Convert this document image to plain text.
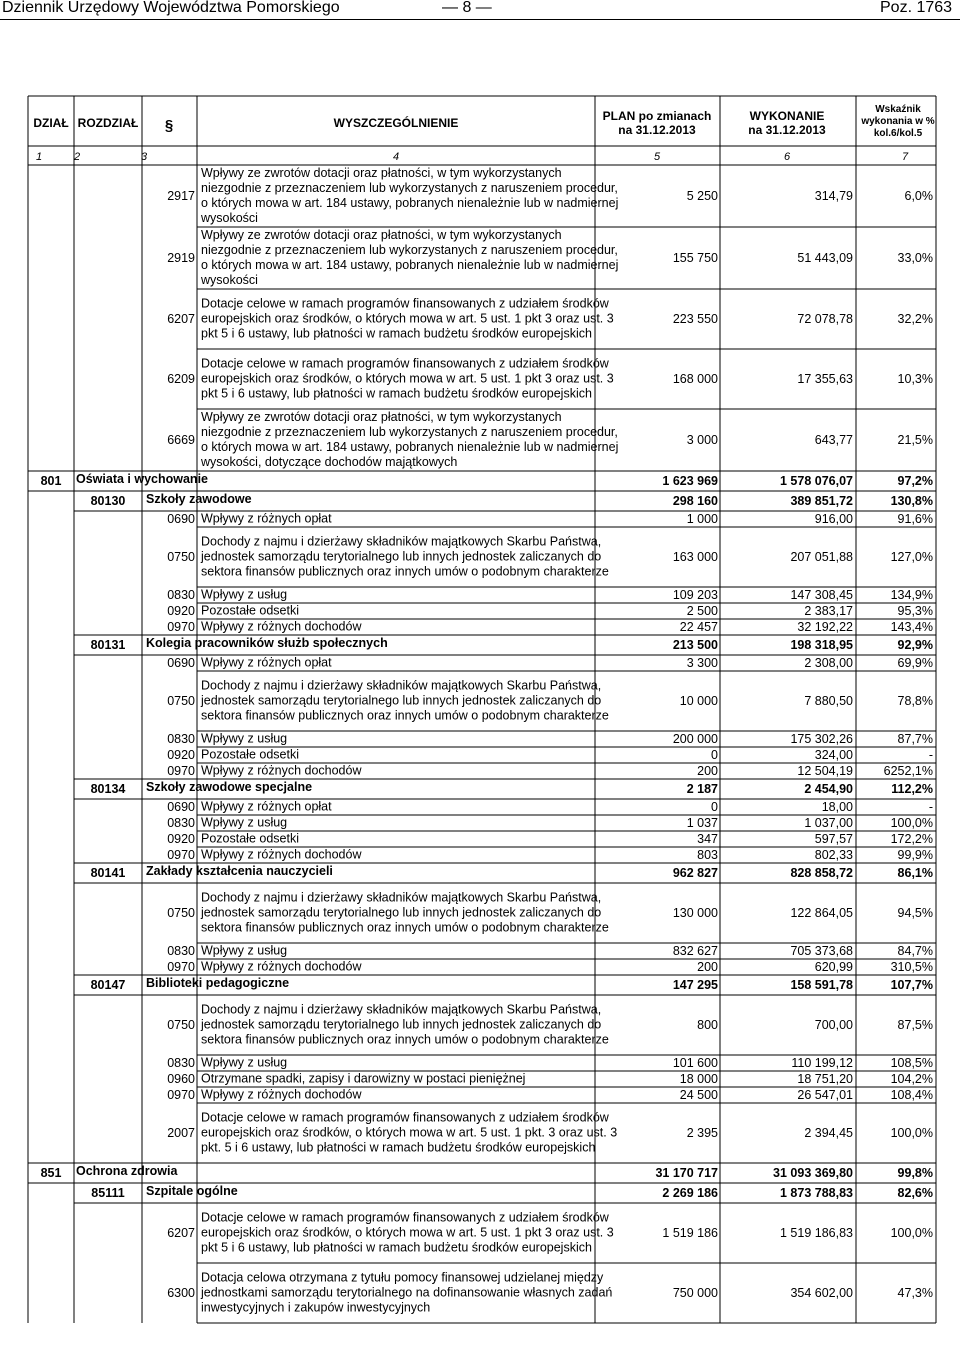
Dziennik Urzędowy Województwa Pomorskiego	— 8 —	Poz. 1763
DZIAŁ ROZDZIAŁ §	WYSZCZEGÓLNIENIE	PLAN po zmianach
na 31.12.2013
WYKONANIE
na 31.12.2013
Wskaźnik
wykonania w %
kol.6/kol.5
1	2	3	4	5	6	7
Wpływy ze zwrotów dotacji oraz płatności, w tym wykorzystanych
niezgodnie z przeznaczeniem lub wykorzystanych z naruszeniem procedur,
o których mowa w art. 184 ustawy, pobranych nienależnie lub w nadmiernej
wysokości
2917	5 250	314,79	6,0%
Wpływy ze zwrotów dotacji oraz płatności, w tym wykorzystanych
niezgodnie z przeznaczeniem lub wykorzystanych z naruszeniem procedur,
o których mowa w art. 184 ustawy, pobranych nienależnie lub w nadmiernej
wysokości
2919	155 750	51 443,09	33,0%
Dotacje celowe w ramach programów finansowanych z udziałem środków
europejskich oraz środków, o których mowa w art. 5 ust. 1 pkt 3 oraz ust. 3
pkt 5 i 6 ustawy, lub płatności w ramach budżetu środków europejskich
6207	223 550	72 078,78	32,2%
Dotacje celowe w ramach programów finansowanych z udziałem środków
europejskich oraz środków, o których mowa w art. 5 ust. 1 pkt 3 oraz ust. 3
pkt 5 i 6 ustawy, lub płatności w ramach budżetu środków europejskich
6209	168 000	17 355,63	10,3%
Wpływy ze zwrotów dotacji oraz płatności, w tym wykorzystanych
niezgodnie z przeznaczeniem lub wykorzystanych z naruszeniem procedur,
o których mowa w art. 184 ustawy, pobranych nienależnie lub w nadmiernej
wysokości, dotyczące dochodów majątkowych
6669	3 000	643,77	21,5%
801 Oświata i wychowanie	1 623 969	1 578 076,07	97,2%
80130 Szkoły zawodowe	298 160	389 851,72	130,8%
Wpływy z różnych opłat
0690	1 000	916,00	91,6%
Dochody z najmu i dzierżawy składników majątkowych Skarbu Państwa,
jednostek samorządu terytorialnego lub innych jednostek zaliczanych do
sektora finansów publicznych oraz innych umów o podobnym charakterze
0750	163 000	207 051,88	127,0%
Wpływy z usług
0830	109 203	147 308,45	134,9%
Pozostałe odsetki
0920	2 500	2 383,17	95,3%
Wpływy z różnych dochodów
0970	22 457	32 192,22	143,4%
80131 Kolegia pracowników służb społecznych	213 500	198 318,95	92,9%
Wpływy z różnych opłat
0690	3 300	2 308,00	69,9%
Dochody z najmu i dzierżawy składników majątkowych Skarbu Państwa,
jednostek samorządu terytorialnego lub innych jednostek zaliczanych do
sektora finansów publicznych oraz innych umów o podobnym charakterze
0750	10 000	7 880,50	78,8%
Wpływy z usług
0830	200 000	175 302,26	87,7%
Pozostałe odsetki
0920	0	324,00	-
Wpływy z różnych dochodów
0970	200	12 504,19 6252,1%
80134 Szkoły zawodowe specjalne	2 187	2 454,90	112,2%
Wpływy z różnych opłat
0690	0	18,00	-
Wpływy z usług
0830	1 037	1 037,00	100,0%
Pozostałe odsetki
0920	347	597,57	172,2%
Wpływy z różnych dochodów
0970	803	802,33	99,9%
80141 Zakłady kształcenia nauczycieli	962 827	828 858,72	86,1%
Dochody z najmu i dzierżawy składników majątkowych Skarbu Państwa,
jednostek samorządu terytorialnego lub innych jednostek zaliczanych do
sektora finansów publicznych oraz innych umów o podobnym charakterze
0750	130 000	122 864,05	94,5%
Wpływy z usług
0830	832 627	705 373,68	84,7%
Wpływy z różnych dochodów
0970	200	620,99	310,5%
80147 Biblioteki pedagogiczne	147 295	158 591,78	107,7%
Dochody z najmu i dzierżawy składników majątkowych Skarbu Państwa,
jednostek samorządu terytorialnego lub innych jednostek zaliczanych do
sektora finansów publicznych oraz innych umów o podobnym charakterze
0750	800	700,00	87,5%
Wpływy z usług
0830	101 600	110 199,12	108,5%
Otrzymane spadki, zapisy i darowizny w postaci pieniężnej
0960	18 000	18 751,20	104,2%
Wpływy z różnych dochodów
0970	24 500	26 547,01	108,4%
Dotacje celowe w ramach programów finansowanych z udziałem środków
europejskich oraz środków, o których mowa w art. 5 ust. 1 pkt. 3 oraz ust. 3
pkt. 5 i 6 ustawy, lub płatności w ramach budżetu środków europejskich
2007	2 395	2 394,45	100,0%
851 Ochrona zdrowia	31 170 717	31 093 369,80	99,8%
85111 Szpitale ogólne	2 269 186	1 873 788,83	82,6%
Dotacje celowe w ramach programów finansowanych z udziałem środków
europejskich oraz środków, o których mowa w art. 5 ust. 1 pkt 3 oraz ust. 3
pkt 5 i 6 ustawy, lub płatności w ramach budżetu środków europejskich
6207	1 519 186	1 519 186,83	100,0%
Dotacja celowa otrzymana z tytułu pomocy finansowej udzielanej między
jednostkami samorządu terytorialnego na dofinansowanie własnych zadań
inwestycyjnych i zakupów inwestycyjnych
6300	750 000	354 602,00	47,3%
